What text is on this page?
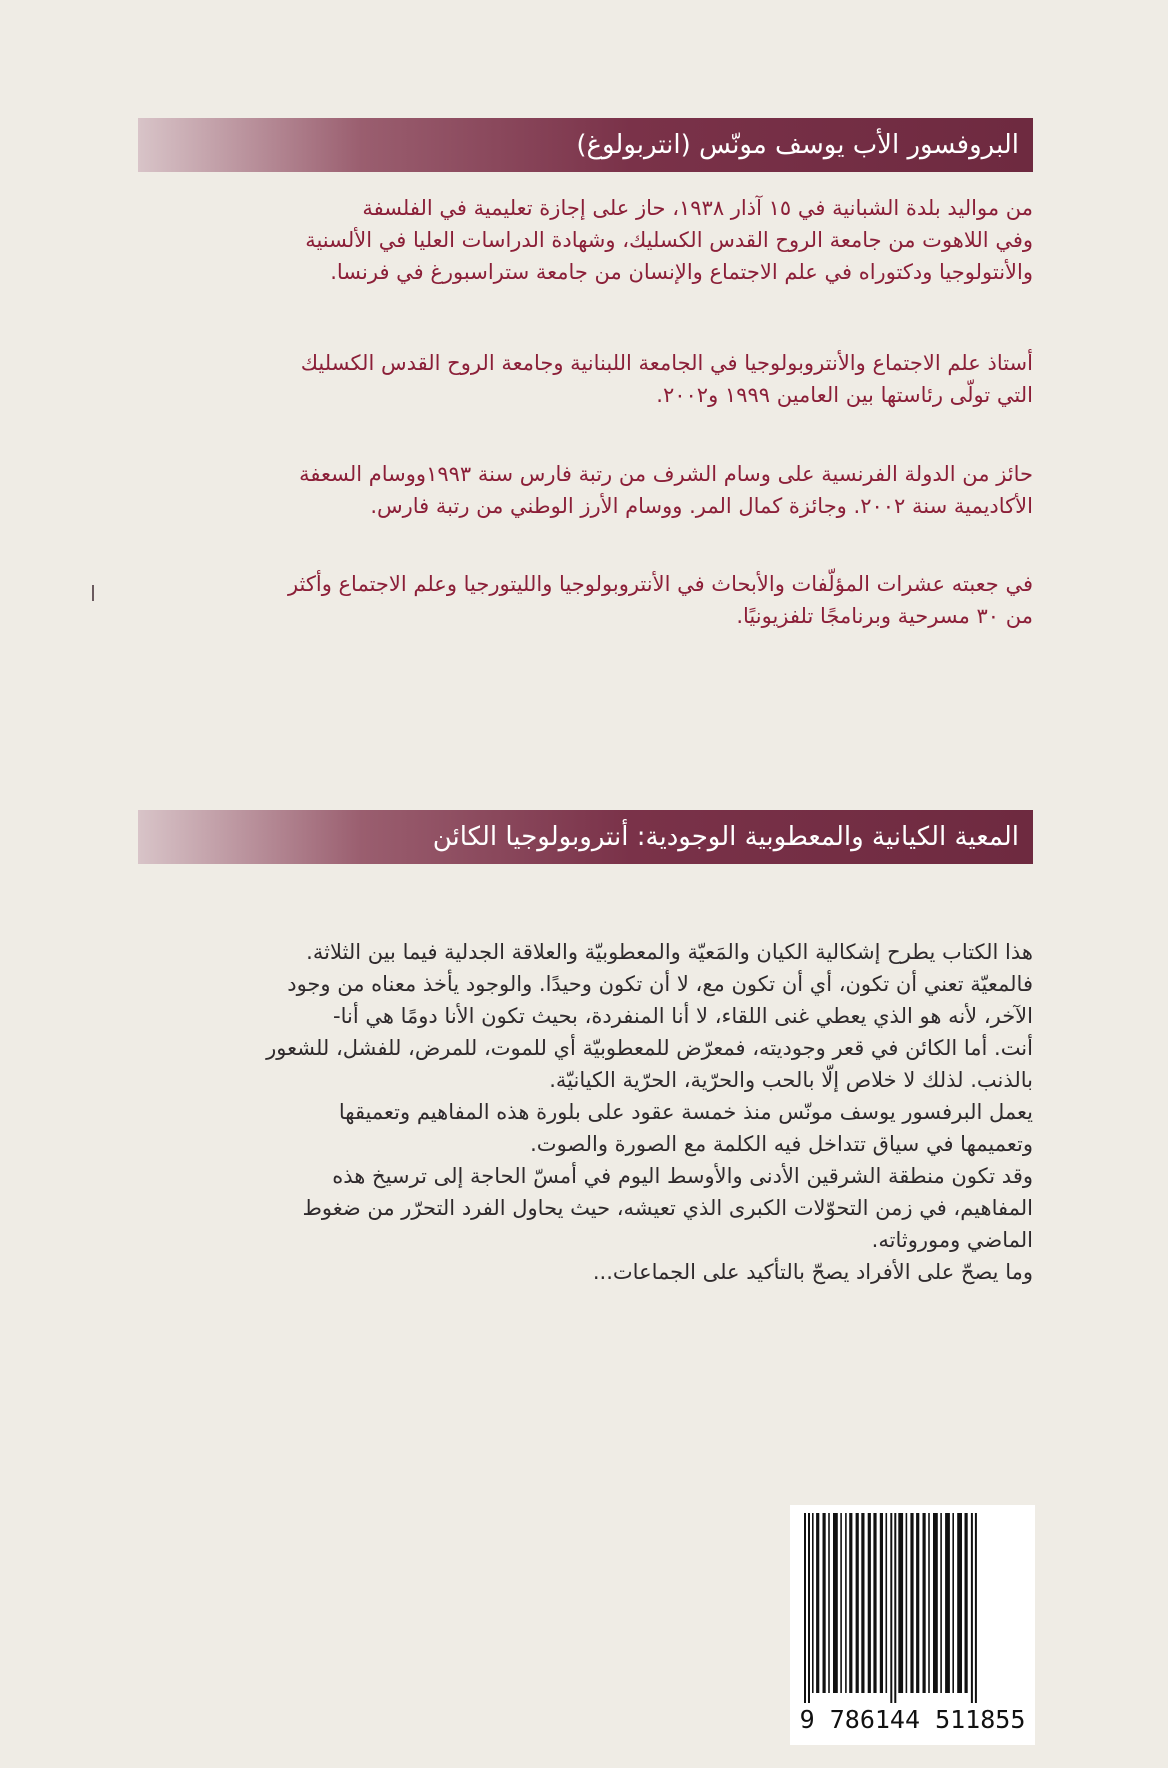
البروفسور الأب يوسف مونّس (انتربولوغ)

من مواليد بلدة الشبانية في ١٥ آذار ١٩٣٨، حاز على إجازة تعليمية في الفلسفة
وفي اللاهوت من جامعة الروح القدس الكسليك، وشهادة الدراسات العليا في الألسنية
والأنتولوجيا ودكتوراه في علم الاجتماع والإنسان من جامعة ستراسبورغ في فرنسا.

أستاذ علم الاجتماع والأنتروبولوجيا في الجامعة اللبنانية وجامعة الروح القدس الكسليك
التي تولّى رئاستها بين العامين ١٩٩٩ و٢٠٠٢.

حائز من الدولة الفرنسية على وسام الشرف من رتبة فارس سنة ١٩٩٣ووسام السعفة
الأكاديمية سنة ٢٠٠٢. وجائزة كمال المر. ووسام الأرز الوطني من رتبة فارس.

في جعبته عشرات المؤلّفات والأبحاث في الأنتروبولوجيا والليتورجيا وعلم الاجتماع وأكثر
من ٣٠ مسرحية وبرنامجًا تلفزيونيًا.

المعية الكيانية والمعطوبية الوجودية: أنتروبولوجيا الكائن

هذا الكتاب يطرح إشكالية الكيان والمَعيّة والمعطوبيّة والعلاقة الجدلية فيما بين الثلاثة.
فالمعيّة تعني أن تكون، أي أن تكون مع، لا أن تكون وحيدًا. والوجود يأخذ معناه من وجود
الآخر، لأنه هو الذي يعطي غنى اللقاء، لا أنا المنفردة، بحيث تكون الأنا دومًا هي أنا-
أنت. أما الكائن في قعر وجوديته، فمعرّض للمعطوبيّة أي للموت، للمرض، للفشل، للشعور
بالذنب. لذلك لا خلاص إلّا بالحب والحرّية، الحرّية الكيانيّة.
يعمل البرفسور يوسف مونّس منذ خمسة عقود على بلورة هذه المفاهيم وتعميقها
وتعميمها في سياق تتداخل فيه الكلمة مع الصورة والصوت.
وقد تكون منطقة الشرقين الأدنى والأوسط اليوم في أمسّ الحاجة إلى ترسيخ هذه
المفاهيم، في زمن التحوّلات الكبرى الذي تعيشه، حيث يحاول الفرد التحرّر من ضغوط
الماضي وموروثاته.
وما يصحّ على الأفراد يصحّ بالتأكيد على الجماعات...

9 786144 511855
